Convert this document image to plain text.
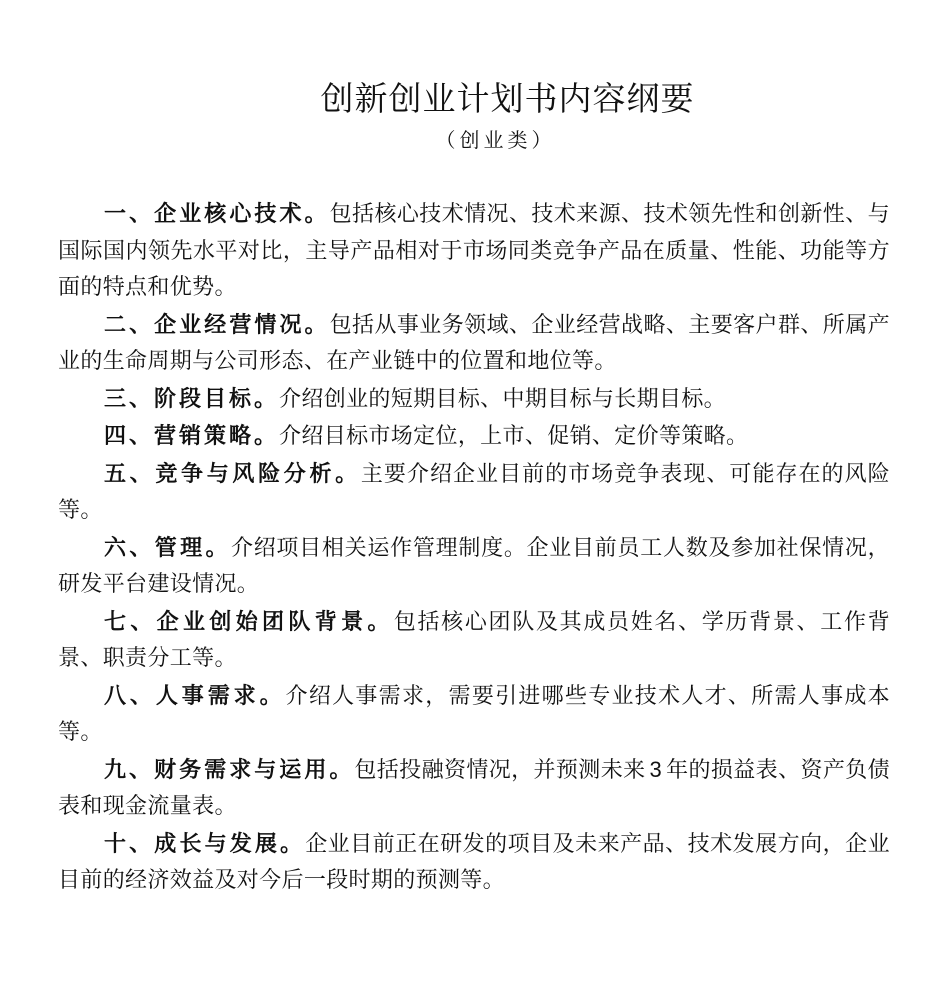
创新创业计划书内容纲要
（创业类）

一、企业核心技术。包括核心技术情况、技术来源、技术领先性和创新性、与国际国内领先水平对比，主导产品相对于市场同类竞争产品在质量、性能、功能等方面的特点和优势。

二、企业经营情况。包括从事业务领域、企业经营战略、主要客户群、所属产业的生命周期与公司形态、在产业链中的位置和地位等。

三、阶段目标。介绍创业的短期目标、中期目标与长期目标。

四、营销策略。介绍目标市场定位，上市、促销、定价等策略。

五、竞争与风险分析。主要介绍企业目前的市场竞争表现、可能存在的风险等。

六、管理。介绍项目相关运作管理制度。企业目前员工人数及参加社保情况，研发平台建设情况。

七、企业创始团队背景。包括核心团队及其成员姓名、学历背景、工作背景、职责分工等。

八、人事需求。介绍人事需求，需要引进哪些专业技术人才、所需人事成本等。

九、财务需求与运用。包括投融资情况，并预测未来 3 年的损益表、资产负债表和现金流量表。

十、成长与发展。企业目前正在研发的项目及未来产品、技术发展方向，企业目前的经济效益及对今后一段时期的预测等。
